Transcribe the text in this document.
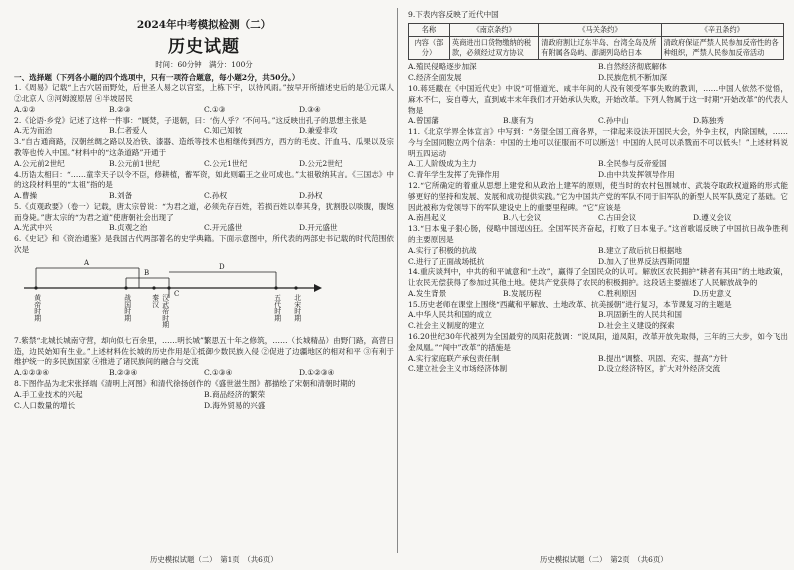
2024年中考模拟检测（二）
历史试题
时间：60分钟　满分：100分
一、选择题（下列各小题的四个选项中，只有一项符合题意，每小题2分，共50分。）
1.《周易》记载“上古穴居而野处，后世圣人易之以宫室，上栋下宇，以待风雨。”按早开所描述史后的是①元谋人 ②北京人 ③河姆渡原居 ④半坡居民
A.①②	B.②③	C.①③	D.③④
2.《论语·乡党》记述了这样一件事：“厩焚，子退朝，曰：‘伤人乎？’不问马。”这反映出孔子的思想主张是
A.无为而治	B.仁者爱人	C.知己知彼	D.兼爱非攻
3.“自古通商路，汉朝丝绸之路以及冶铁、漆器、造纸等技术也相继传到西方，西方的毛皮、汗血马、瓜果以及宗教等也传入中国。”材料中的“这条道路”开通于
A.公元前2世纪	B.公元前1世纪	C.公元1世纪	D.公元2世纪
4.历诰太相曰：“……童幸天子以令不臣，修耕植，蓄军资，如此则霸王之业可成也。”太祖敬纳其言。《三国志》中的这段材料里的“太祖”指的是
A.曹操	B.刘备	C.孙权	D.孙权
5.《贞观政要》（卷一）记载，唐太宗曾说：“为君之道，必须先存百姓，若损百姓以奉其身，犹割股以啖腹，腹饱而身毙。”唐太宗的“为君之道”使唐朝社会出现了
A.光武中兴	B.贞观之治	C.开元盛世	D.开元盛世
6.《史记》和《资治通鉴》是我国古代两部著名的史学典籍。下面示意图中，所代表的两部史书记载的时代范围依次是
A
B
C
D
黄帝时期	战国时期	秦汉 汉武帝时期	五代时期 北宋时期
7.紫禁“北城长城南守营，却向似七百余里，……明长城”繁思五十年之修筑，……（长城精品）由野门路，高营日造，边民始知有生业。”上述材料佐长城的历史作用是①抵御少数民族入侵 ②促进了边疆地区的相对和平 ③有利于维护统一的多民族国家 ④推进了诸民族间的融合与交流
A.①②③④	B.②③④	C.①③④	D.①②③④
8.下图作品为北宋张择端《清明上河图》和清代徐扬创作的《盛世滋生图》都描绘了宋朝和清朝时期的
A.手工业技术的兴起	B.商品经济的繁荣
C.人口数量的增长	D.海外贸易的兴盛
9.下表内容反映了近代中国
名称	《南京条约》	《马关条约》	《辛丑条约》
内容（部分）	英商进出口货物缴纳的税款，必须经过双方协议	清政府割让辽东半岛、台湾全岛及所有附属各岛屿、澎湖列岛给日本	清政府保证严禁人民参加反帝性的各种组织，严禁人民参加反帝活动
A.殖民侵略逐步加深	B.自然经济彻底解体
C.经济全面发展	D.民族危机不断加深
10.蒋廷黻在《中国近代史》中说“可惜道光、咸丰年间的人没有领受军事失败的教训，……中国人依然不觉悟，麻木不仁，妄自尊大，直到咸丰末年我们才开始承认失败，开始改革。下列人物属于这一时期“开始改革”的代表人物是
A.曾国藩	B.康有为	C.孙中山	D.陈独秀
11.《北京学界全体宣言》中写到：“务望全国工商各界，一律起来设法开国民大会，外争主权，内除国贼，……今与全国同胞立两个信条：中国的土地可以征服而不可以断送！中国的人民可以杀戮而不可以低头！”上述材料说明五四运动
A.工人阶级成为主力	B.全民参与反帝爱国
C.青年学生发挥了先锋作用	D.由中共发挥领导作用
12.“它所确定的着重从思想上建党和从政治上建军的原则，使当时的农村包围城市、武装夺取政权道路的形式能够更好的坚持和发展、发展和成功提供实践。”它为中国共产党的军队不同于旧军队的新型人民军队奠定了基础。它因此被称为党领导下的军队建设史上的重要里程碑。“它”应该是
A.南昌起义	B.八七会议	C.古田会议	D.遵义会议
13.“日本鬼子狠心肠，侵略中国逞凶狂。全国军民齐奋起，打败了日本鬼子。”这首歌谣反映了中国抗日战争胜利的主要原因是
A.实行了积极的抗战	B.建立了敌后抗日根据地
C.进行了正面战场抵抗	D.加入了世界反法西斯同盟
14.重庆谈判中，中共的和平诚意和“土改”，赢得了全国民众的认可。解放区农民拥护“耕者有其田”的土地政策，让农民无偿获得了参加过其他土地。使共产党获得了农民的积极拥护。这段话主要描述了人民解放战争的
A.发生背景	B.发展历程	C.胜利原因	D.历史意义
15.历史老师在课堂上围绕“西藏和平解放、土地改革、抗美援朝”进行复习，本节课复习的主题是
A.中华人民共和国的成立	B.巩固新生的人民共和国
C.社会主义制度的建立	D.社会主义建设的探索
16.20世纪30年代被列为全国最穷的凤阳花鼓调：“说凤阳，道凤阳，改革开放先取得，三年的三大步，如今飞出金凤凰。”“闯中”改革”的措施是
A.实行家庭联产承包责任制	B.提出“调整、巩固、充实、提高”方针
C.建立社会主义市场经济体制	D.设立经济特区，扩大对外经济交流
历史模拟试题（二）　第1页　（共6页）	历史模拟试题（二）　第2页　（共6页）
